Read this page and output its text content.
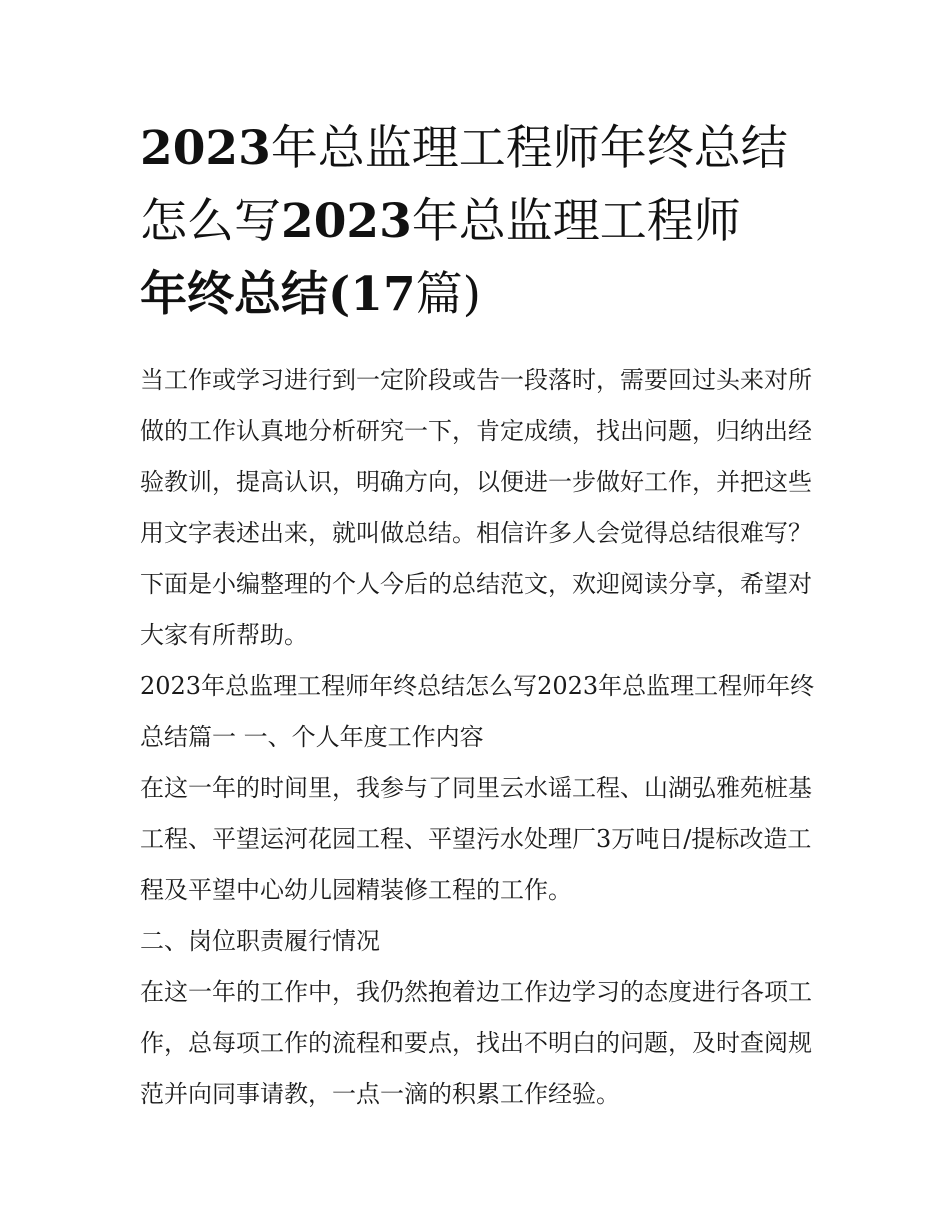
2023年总监理工程师年终总结
怎么写2023年总监理工程师
年终总结(17篇)

当工作或学习进行到一定阶段或告一段落时，需要回过头来对所做的工作认真地分析研究一下，肯定成绩，找出问题，归纳出经验教训，提高认识，明确方向，以便进一步做好工作，并把这些用文字表述出来，就叫做总结。相信许多人会觉得总结很难写？下面是小编整理的个人今后的总结范文，欢迎阅读分享，希望对大家有所帮助。

2023年总监理工程师年终总结怎么写2023年总监理工程师年终总结篇一 一、个人年度工作内容

在这一年的时间里，我参与了同里云水谣工程、山湖弘雅苑桩基工程、平望运河花园工程、平望污水处理厂3万吨日/提标改造工程及平望中心幼儿园精装修工程的工作。

二、岗位职责履行情况

在这一年的工作中，我仍然抱着边工作边学习的态度进行各项工作，总每项工作的流程和要点，找出不明白的问题，及时查阅规范并向同事请教，一点一滴的积累工作经验。
